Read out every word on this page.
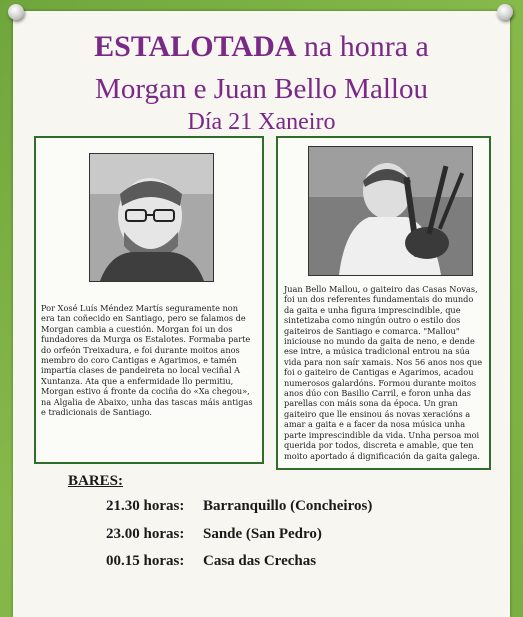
ESTALOTADA na honra a
Morgan e Juan Bello Mallou
Día 21 Xaneiro
Por Xosé Luís Méndez Martís seguramente non era tan coñecido en Santiago, pero se falamos de Morgan cambia a cuestión. Morgan foi un dos fundadores da Murga os Estalotes. Formaba parte do orfeón Treixadura, e foi durante moitos anos membro do coro Cantigas e Agarimos, e tamén impartía clases de pandeireta no local veciñal A Xuntanza. Ata que a enfermidade llo permitiu, Morgan estivo á fronte da cociña do «Xa chegou», na Algalia de Abaixo, unha das tascas máis antigas e tradicionais de Santiago.
Juan Bello Mallou, o gaiteiro das Casas Novas, foi un dos referentes fundamentais do mundo da gaita e unha figura imprescindible, que sintetizaba como ningún outro o estilo dos gaiteiros de Santiago e comarca. "Mallou" iniciouse no mundo da gaita de neno, e dende ese intre, a música tradicional entrou na súa vida para non saír xamais. Nos 56 anos nos que foi o gaiteiro de Cantigas e Agarimos, acadou numerosos galardóns. Formou durante moitos anos dúo con Basilio Carril, e foron unha das parellas con máis sona da época. Un gran gaiteiro que lle ensinou ás novas xeracións a amar a gaita e a facer da nosa música unha parte imprescindible da vida. Unha persoa moi querida por todos, discreta e amable, que ten moito aportado á dignificación da gaita galega.
BARES:
21.30 horas: Barranquillo (Concheiros)
23.00 horas: Sande (San Pedro)
00.15 horas: Casa das Crechas
